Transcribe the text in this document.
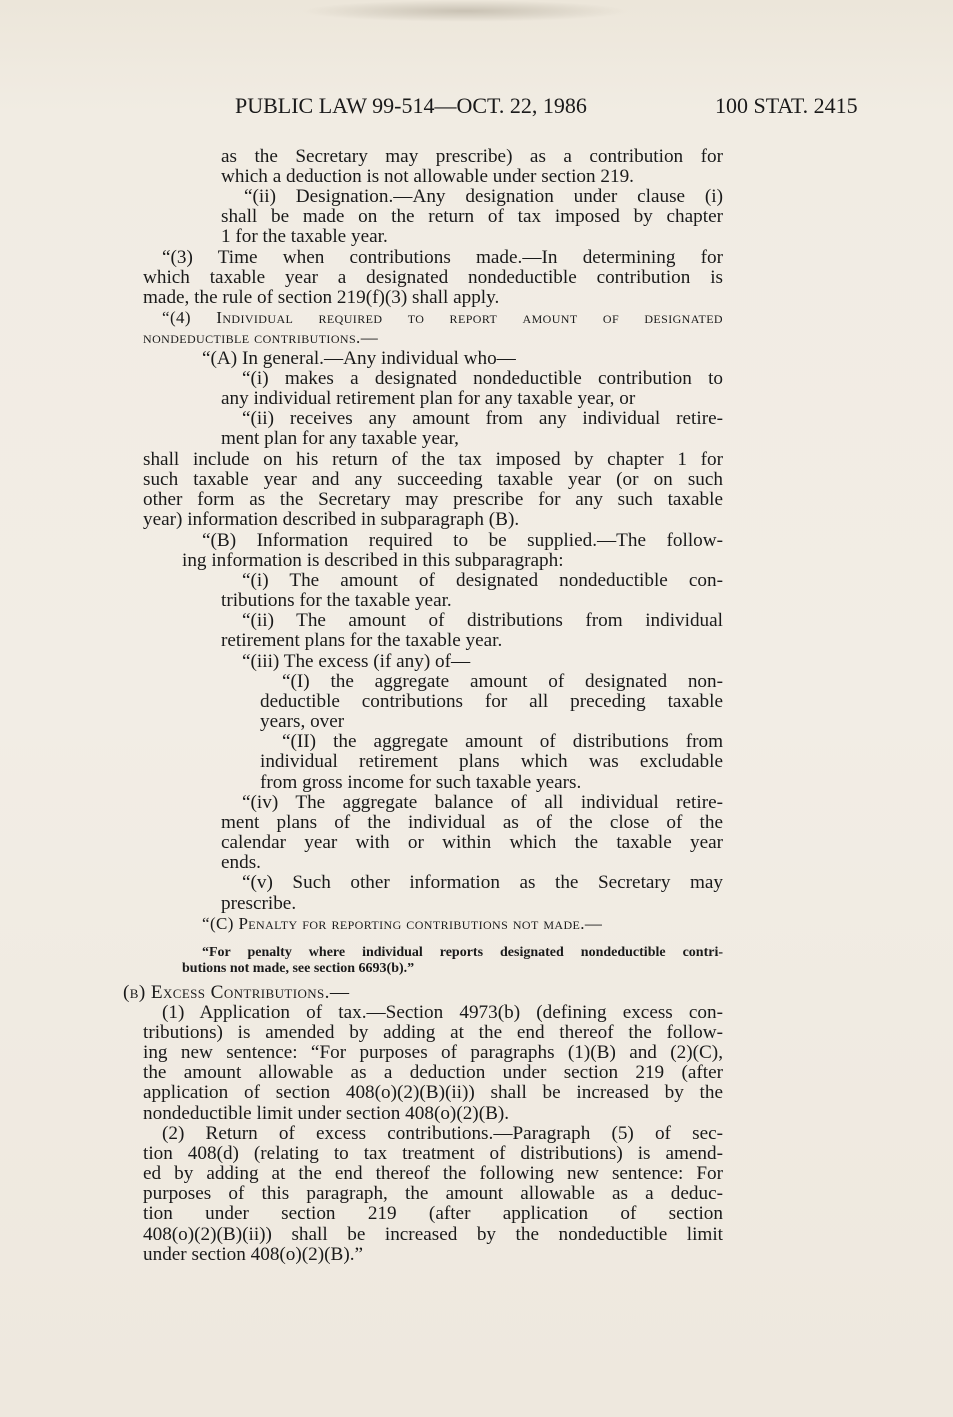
PUBLIC LAW 99-514—OCT. 22, 1986	100 STAT. 2415
as the Secretary may prescribe) as a contribution for
which a deduction is not allowable under section 219.
“(ii) Designation.—Any designation under clause (i)
shall be made on the return of tax imposed by chapter
1 for the taxable year.
“(3) Time when contributions made.—In determining for
which taxable year a designated nondeductible contribution is
made, the rule of section 219(f)(3) shall apply.
“(4) Individual required to report amount of designated
nondeductible contributions.—
“(A) In general.—Any individual who—
“(i) makes a designated nondeductible contribution to
any individual retirement plan for any taxable year, or
“(ii) receives any amount from any individual retire-
ment plan for any taxable year,
shall include on his return of the tax imposed by chapter 1 for
such taxable year and any succeeding taxable year (or on such
other form as the Secretary may prescribe for any such taxable
year) information described in subparagraph (B).
“(B) Information required to be supplied.—The follow-
ing information is described in this subparagraph:
“(i) The amount of designated nondeductible con-
tributions for the taxable year.
“(ii) The amount of distributions from individual
retirement plans for the taxable year.
“(iii) The excess (if any) of—
“(I) the aggregate amount of designated non-
deductible contributions for all preceding taxable
years, over
“(II) the aggregate amount of distributions from
individual retirement plans which was excludable
from gross income for such taxable years.
“(iv) The aggregate balance of all individual retire-
ment plans of the individual as of the close of the
calendar year with or within which the taxable year
ends.
“(v) Such other information as the Secretary may
prescribe.
“(C) Penalty for reporting contributions not made.—
“For penalty where individual reports designated nondeductible contri-
butions not made, see section 6693(b).”
(b) Excess Contributions.—
(1) Application of tax.—Section 4973(b) (defining excess con-
tributions) is amended by adding at the end thereof the follow-
ing new sentence: “For purposes of paragraphs (1)(B) and (2)(C),
the amount allowable as a deduction under section 219 (after
application of section 408(o)(2)(B)(ii)) shall be increased by the
nondeductible limit under section 408(o)(2)(B).
(2) Return of excess contributions.—Paragraph (5) of sec-
tion 408(d) (relating to tax treatment of distributions) is amend-
ed by adding at the end thereof the following new sentence: For
purposes of this paragraph, the amount allowable as a deduc-
tion under section 219 (after application of section
408(o)(2)(B)(ii)) shall be increased by the nondeductible limit
under section 408(o)(2)(B).”
